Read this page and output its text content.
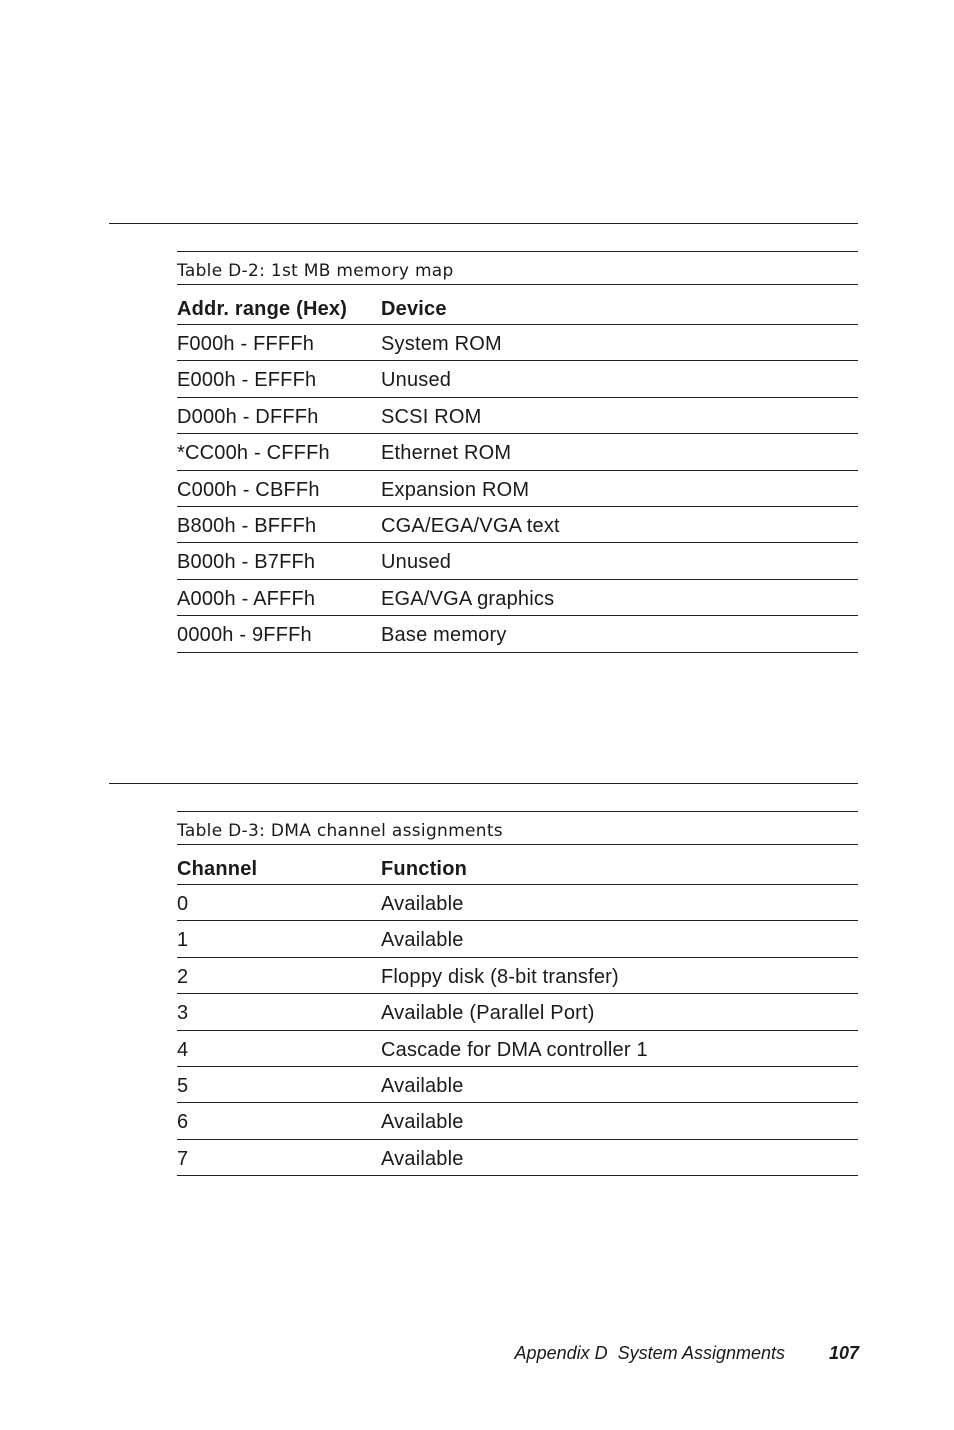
Table D-2: 1st MB memory map
Addr. range (Hex)	Device
F000h - FFFFh	System ROM
E000h - EFFFh	Unused
D000h - DFFFh	SCSI ROM
*CC00h - CFFFh	Ethernet ROM
C000h - CBFFh	Expansion ROM
B800h - BFFFh	CGA/EGA/VGA text
B000h - B7FFh	Unused
A000h - AFFFh	EGA/VGA graphics
0000h - 9FFFh	Base memory
Table D-3: DMA channel assignments
Channel	Function
0	Available
1	Available
2	Floppy disk (8-bit transfer)
3	Available (Parallel Port)
4	Cascade for DMA controller 1
5	Available
6	Available
7	Available
Appendix D  System Assignments 107
